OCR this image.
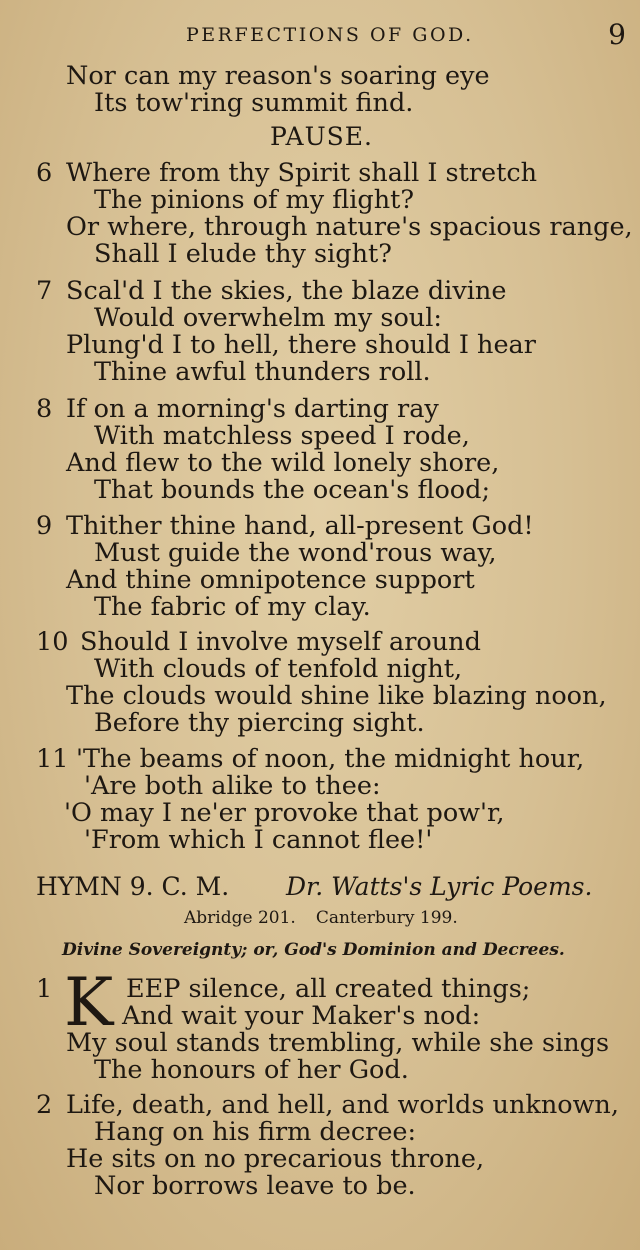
PERFECTIONS OF GOD.	9
Nor can my reason's soaring eye
Its tow'ring summit find.
PAUSE.
6 Where from thy Spirit shall I stretch
The pinions of my flight?
Or where, through nature's spacious range,
Shall I elude thy sight?
7 Scal'd I the skies, the blaze divine
Would overwhelm my soul:
Plung'd I to hell, there should I hear
Thine awful thunders roll.
8 If on a morning's darting ray
With matchless speed I rode,
And flew to the wild lonely shore,
That bounds the ocean's flood;
9 Thither thine hand, all-present God!
Must guide the wond'rous way,
And thine omnipotence support
The fabric of my clay.
10 Should I involve myself around
With clouds of tenfold night,
The clouds would shine like blazing noon,
Before thy piercing sight.
11 'The beams of noon, the midnight hour,
'Are both alike to thee:
'O may I ne'er provoke that pow'r,
'From which I cannot flee!'
HYMN 9. C. M. Dr. Watts's Lyric Poems.
Abridge 201. Canterbury 199.
Divine Sovereignty; or, God's Dominion and Decrees.
1 K EEP silence, all created things;
And wait your Maker's nod:
My soul stands trembling, while she sings
The honours of her God.
2 Life, death, and hell, and worlds unknown,
Hang on his firm decree:
He sits on no precarious throne,
Nor borrows leave to be.
